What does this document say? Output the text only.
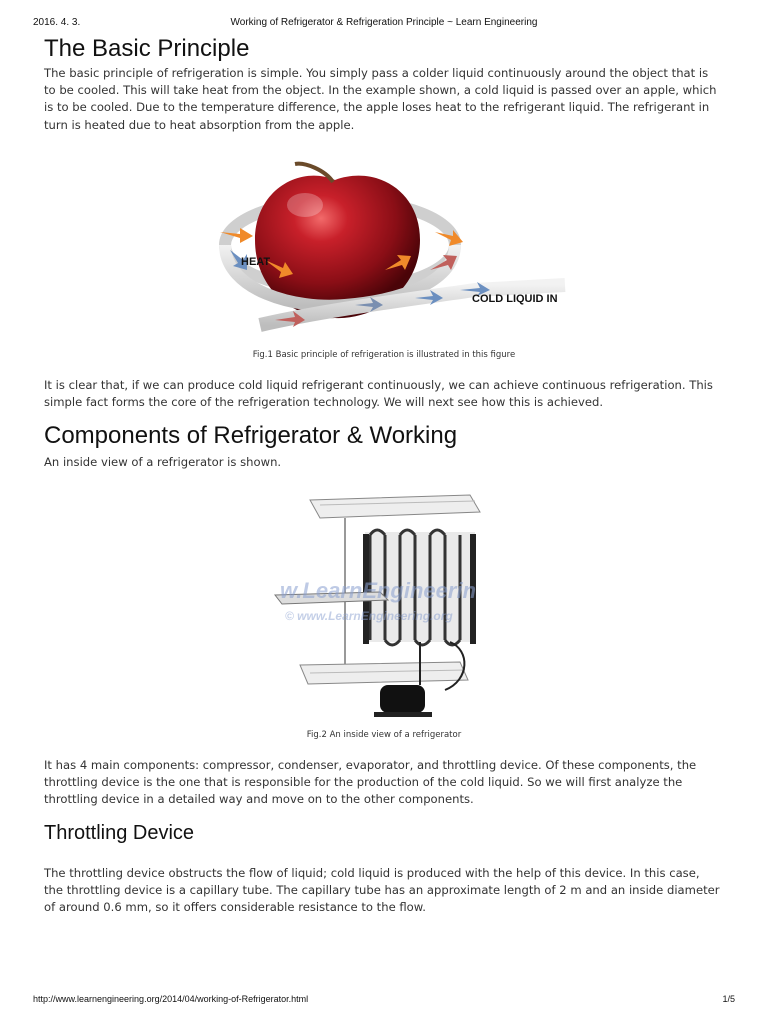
2016. 4. 3.	Working of Refrigerator & Refrigeration Principle ~ Learn Engineering
The Basic Principle

The basic principle of refrigeration is simple. You simply pass a colder liquid continuously around the object that is to be cooled. This will take heat from the object. In the example shown, a cold liquid is passed over an apple, which is to be cooled. Due to the temperature difference, the apple loses heat to the refrigerant liquid. The refrigerant in turn is heated due to heat absorption from the apple.

HEAT
COLD LIQUID IN
Fig.1 Basic principle of refrigeration is illustrated in this figure

It is clear that, if we can produce cold liquid refrigerant continuously, we can achieve continuous refrigeration. This simple fact forms the core of the refrigeration technology. We will next see how this is achieved.

Components of Refrigerator & Working

An inside view of a refrigerator is shown.

w.LearnEngineerin
© www.LearnEngineering.org
Fig.2 An inside view of a refrigerator

It has 4 main components: compressor, condenser, evaporator, and throttling device. Of these components, the throttling device is the one that is responsible for the production of the cold liquid. So we will first analyze the throttling device in a detailed way and move on to the other components.

Throttling Device

The throttling device obstructs the flow of liquid; cold liquid is produced with the help of this device. In this case, the throttling device is a capillary tube. The capillary tube has an approximate length of 2 m and an inside diameter of around 0.6 mm, so it offers considerable resistance to the flow.

http://www.learnengineering.org/2014/04/working-of-Refrigerator.html	1/5
